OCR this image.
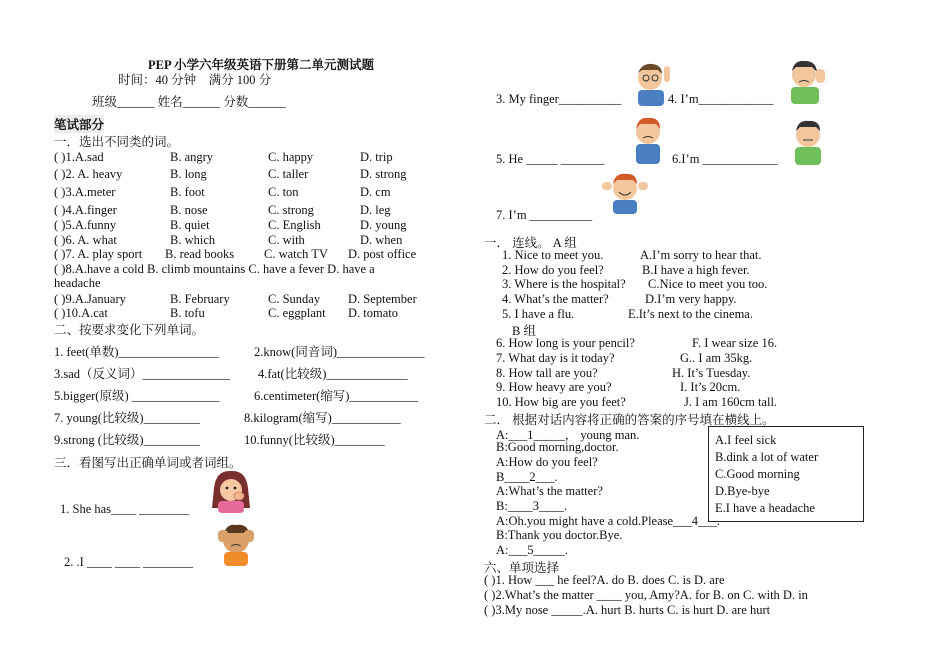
PEP 小学六年级英语下册第二单元测试题
时间：40 分钟　满分 100 分
班级______ 姓名______ 分数______
笔试部分
一．选出不同类的词。
( )1.A.sad	B. angry	C. happy	D. trip
( )2. A. heavy	B. long	C. taller	D. strong
( )3.A.meter	B. foot	C. ton	D. cm
( )4.A.finger	B. nose	C. strong	D. leg
( )5.A.funny	B. quiet	C. English	D. young
( )6. A. what	B. which	C. with	D. when
( )7. A. play sport B. read books C. watch TV D. post office
( )8.A.have a cold B. climb mountains C. have a fever D. have a
headache
( )9.A.January	B. February	C. Sunday D. September
( )10.A.cat	B. tofu	C. eggplant D. tomato
二、按要求变化下列单词。
1. feet(单数)________________	2.know(同音词)______________
3.sad（反义词）______________ 4.fat(比较级)_____________
5.bigger(原级) ______________	6.centimeter(缩写)___________
7. young(比较级)_________	8.kilogram(缩写)___________
9.strong (比较级)_________	10.funny(比较级)________
三．看图写出正确单词或者词组。
1. She has____ ________
2. .I ____ ____ ________
3. My finger__________	4. I’m____________
5. He _____ _______	6.I’m ____________
7. I’m __________
一． 连线。 A 组
1. Nice to meet you.	A.I’m sorry to hear that.
2. How do you feel?	B.I have a high fever.
3. Where is the hospital? C.Nice to meet you too.
4. What’s the matter?	D.I’m very happy.
5. I have a flu.	E.It’s next to the cinema.
B 组
6. How long is your pencil?	F. I wear size 16.
7. What day is it today?	G.. I am 35kg.
8. How tall are you?	H. It’s Tuesday.
9. How heavy are you?	I. It’s 20cm.
10. How big are you feet?	J. I am 160cm tall.
二． 根据对话内容将正确的答案的序号填在横线上。
A:___1_____， young man.
B:Good morning,doctor.
A:How do you feel?
B____2___.
A:What’s the matter?
B:____3____.
A:Oh.you might have a cold.Please___4___.
B:Thank you doctor.Bye.
A:___5_____.
A.I feel sick
B.dink a lot of water
C.Good morning
D.Bye-bye
E.I have a headache
六、单项选择
( )1. How ___ he feel?A. do B. does C. is D. are
( )2.What’s the matter ____ you, Amy?A. for B. on C. with D. in
( )3.My nose _____.A. hurt B. hurts C. is hurt D. are hurt
